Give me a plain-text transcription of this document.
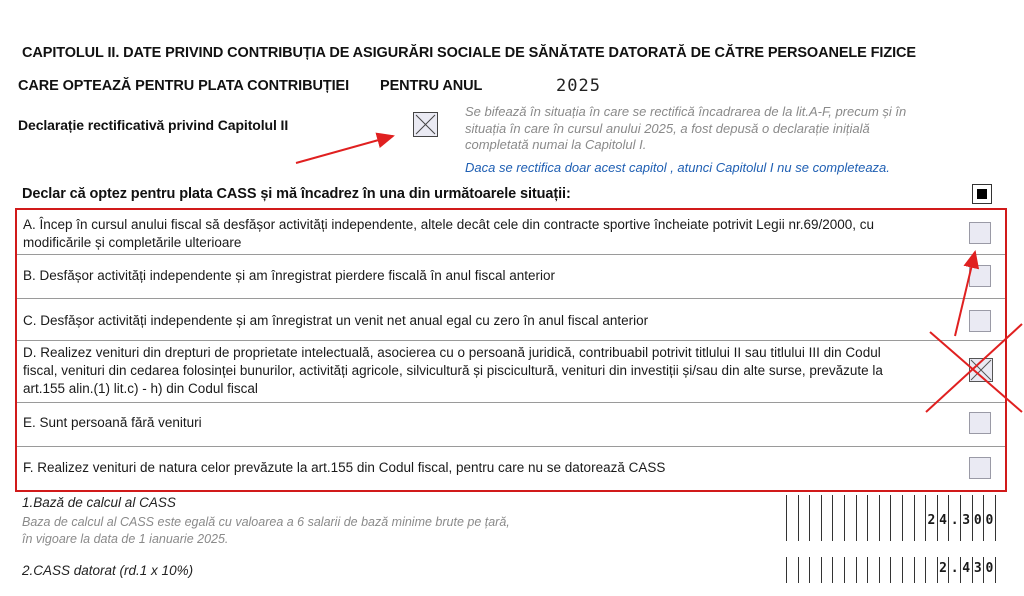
CAPITOLUL II. DATE PRIVIND CONTRIBUȚIA DE ASIGURĂRI SOCIALE DE SĂNĂTATE DATORATĂ DE CĂTRE PERSOANELE FIZICE
CARE OPTEAZĂ PENTRU PLATA CONTRIBUȚIEI PENTRU ANUL	2025
Declarație rectificativă privind Capitolul II
Se bifează în situația în care se rectifică încadrarea de la lit.A-F, precum și în
situația în care în cursul anului 2025, a fost depusă o declarație inițială
completată numai la Capitolul I.
Daca se rectifica doar acest capitol , atunci Capitolul I nu se completeaza.
Declar că optez pentru plata CASS și mă încadrez în una din următoarele situații:
A. Încep în cursul anului fiscal să desfășor activități independente, altele decât cele din contracte sportive încheiate potrivit Legii nr.69/2000, cu
modificările și completările ulterioare
B. Desfășor activități independente și am înregistrat pierdere fiscală în anul fiscal anterior
C. Desfășor activități independente și am înregistrat un venit net anual egal cu zero în anul fiscal anterior
D. Realizez venituri din drepturi de proprietate intelectuală, asocierea cu o persoană juridică, contribuabil potrivit titlului II sau titlului III din Codul
fiscal, venituri din cedarea folosinței bunurilor, activități agricole, silvicultură și piscicultură, venituri din investiții și/sau din alte surse, prevăzute la
art.155 alin.(1) lit.c) - h) din Codul fiscal
E. Sunt persoană fără venituri
F. Realizez venituri de natura celor prevăzute la art.155 din Codul fiscal, pentru care nu se datorează CASS
1.Bază de calcul al CASS
Baza de calcul al CASS este egală cu valoarea a 6 salarii de bază minime brute pe țară,
în vigoare la data de 1 ianuarie 2025.
2 4 . 3 0 0
2.CASS datorat (rd.1 x 10%)	2 . 4 3 0
